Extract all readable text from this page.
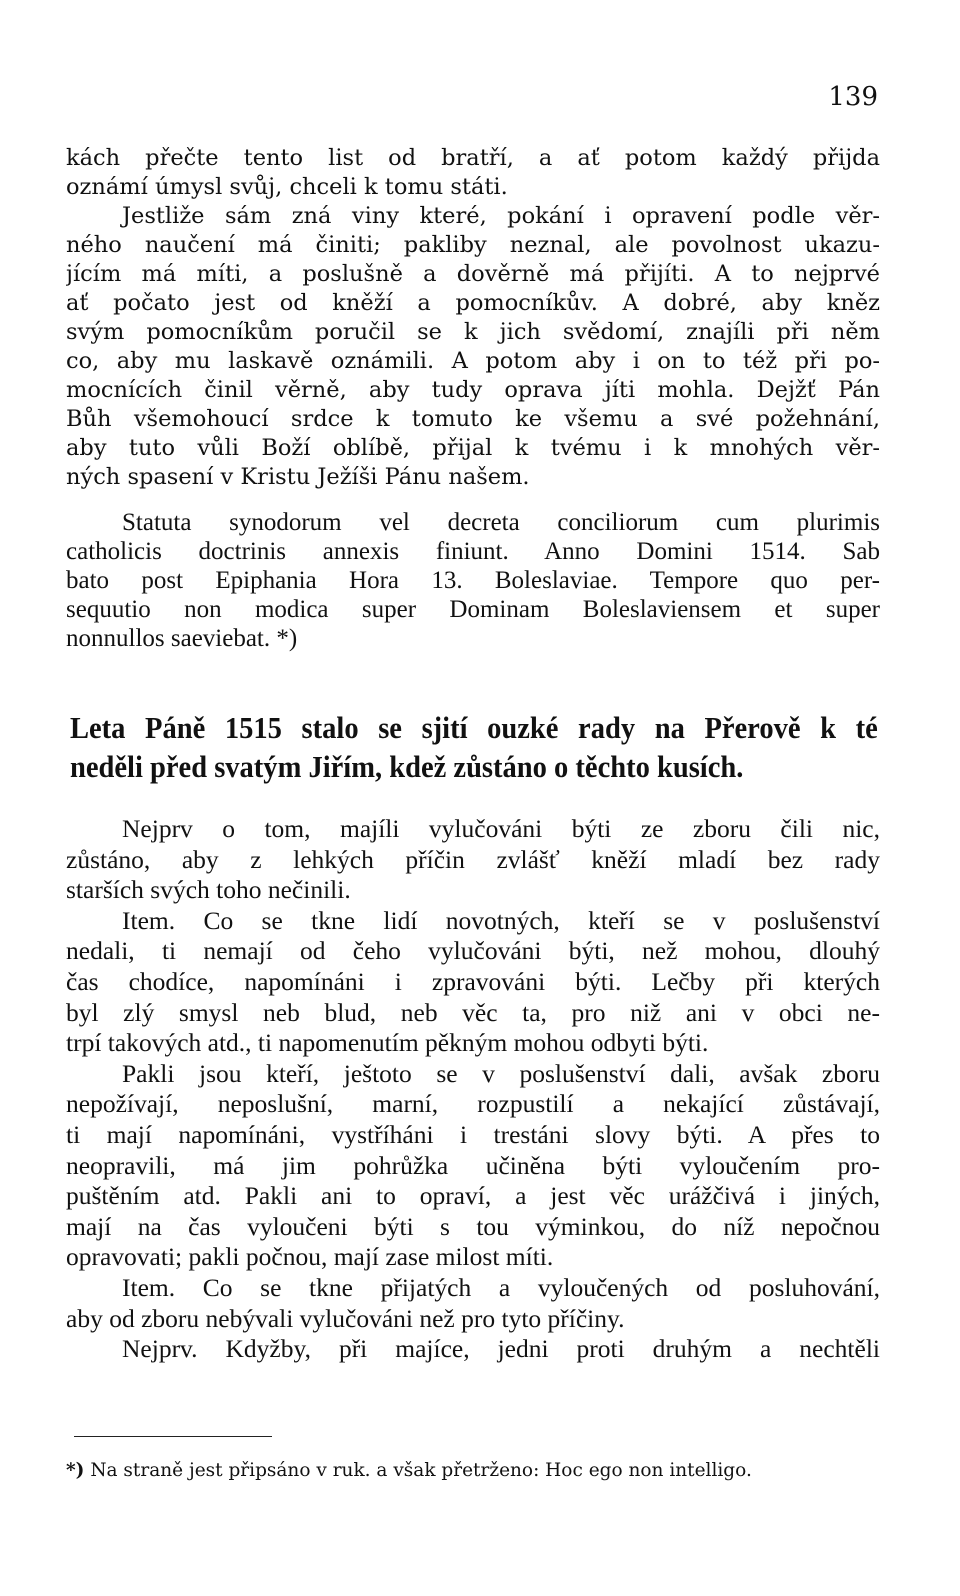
139
kách přečte tento list od bratří, a ať potom každý přijda
oznámí úmysl svůj, chceli k tomu státi.
Jestliže sám zná viny které, pokání i opravení podle věr-
ného naučení má činiti; pakliby neznal, ale povolnost ukazu-
jícím má míti, a poslušně a dověrně má přijíti. A to nejprvé
ať počato jest od kněží a pomocníkův. A dobré, aby kněz
svým pomocníkům poručil se k jich svědomí, znajíli při něm
co, aby mu laskavě oznámili. A potom aby i on to též při po-
mocnících činil věrně, aby tudy oprava jíti mohla. Dejžť Pán
Bůh všemohoucí srdce k tomuto ke všemu a své požehnání,
aby tuto vůli Boží oblíbě, přijal k tvému i k mnohých věr-
ných spasení v Kristu Ježíši Pánu našem.
Statuta synodorum vel decreta conciliorum cum plurimis
catholicis doctrinis annexis finiunt. Anno Domini 1514. Sab
bato post Epiphania Hora 13. Boleslaviae. Tempore quo per-
sequutio non modica super Dominam Boleslaviensem et super
nonnullos saeviebat. *)
Leta Páně 1515 stalo se sjití ouzké rady na Přerově k té
neděli před svatým Jiřím, kdež zůstáno o těchto kusích.
Nejprv o tom, majíli vylučováni býti ze zboru čili nic,
zůstáno, aby z lehkých příčin zvlášť kněží mladí bez rady
starších svých toho nečinili.
Item. Co se tkne lidí novotných, kteří se v poslušenství
nedali, ti nemají od čeho vylučováni býti, než mohou, dlouhý
čas chodíce, napomínáni i zpravováni býti. Lečby při kterých
byl zlý smysl neb blud, neb věc ta, pro niž ani v obci ne-
trpí takových atd., ti napomenutím pěkným mohou odbyti býti.
Pakli jsou kteří, ještoto se v poslušenství dali, avšak zboru
nepožívají, neposlušní, marní, rozpustilí a nekající zůstávají,
ti mají napomínáni, vystříháni i trestáni slovy býti. A přes to
neopravili, má jim pohrůžka učiněna býti vyloučením pro-
puštěním atd. Pakli ani to opraví, a jest věc urážčivá i jiných,
mají na čas vyloučeni býti s tou výminkou, do níž nepočnou
opravovati; pakli počnou, mají zase milost míti.
Item. Co se tkne přijatých a vyloučených od posluhování,
aby od zboru nebývali vylučováni než pro tyto příčiny.
Nejprv. Kdyžby, při majíce, jedni proti druhým a nechtěli
*) Na straně jest připsáno v ruk. a však přetrženo: Hoc ego non intelligo.
